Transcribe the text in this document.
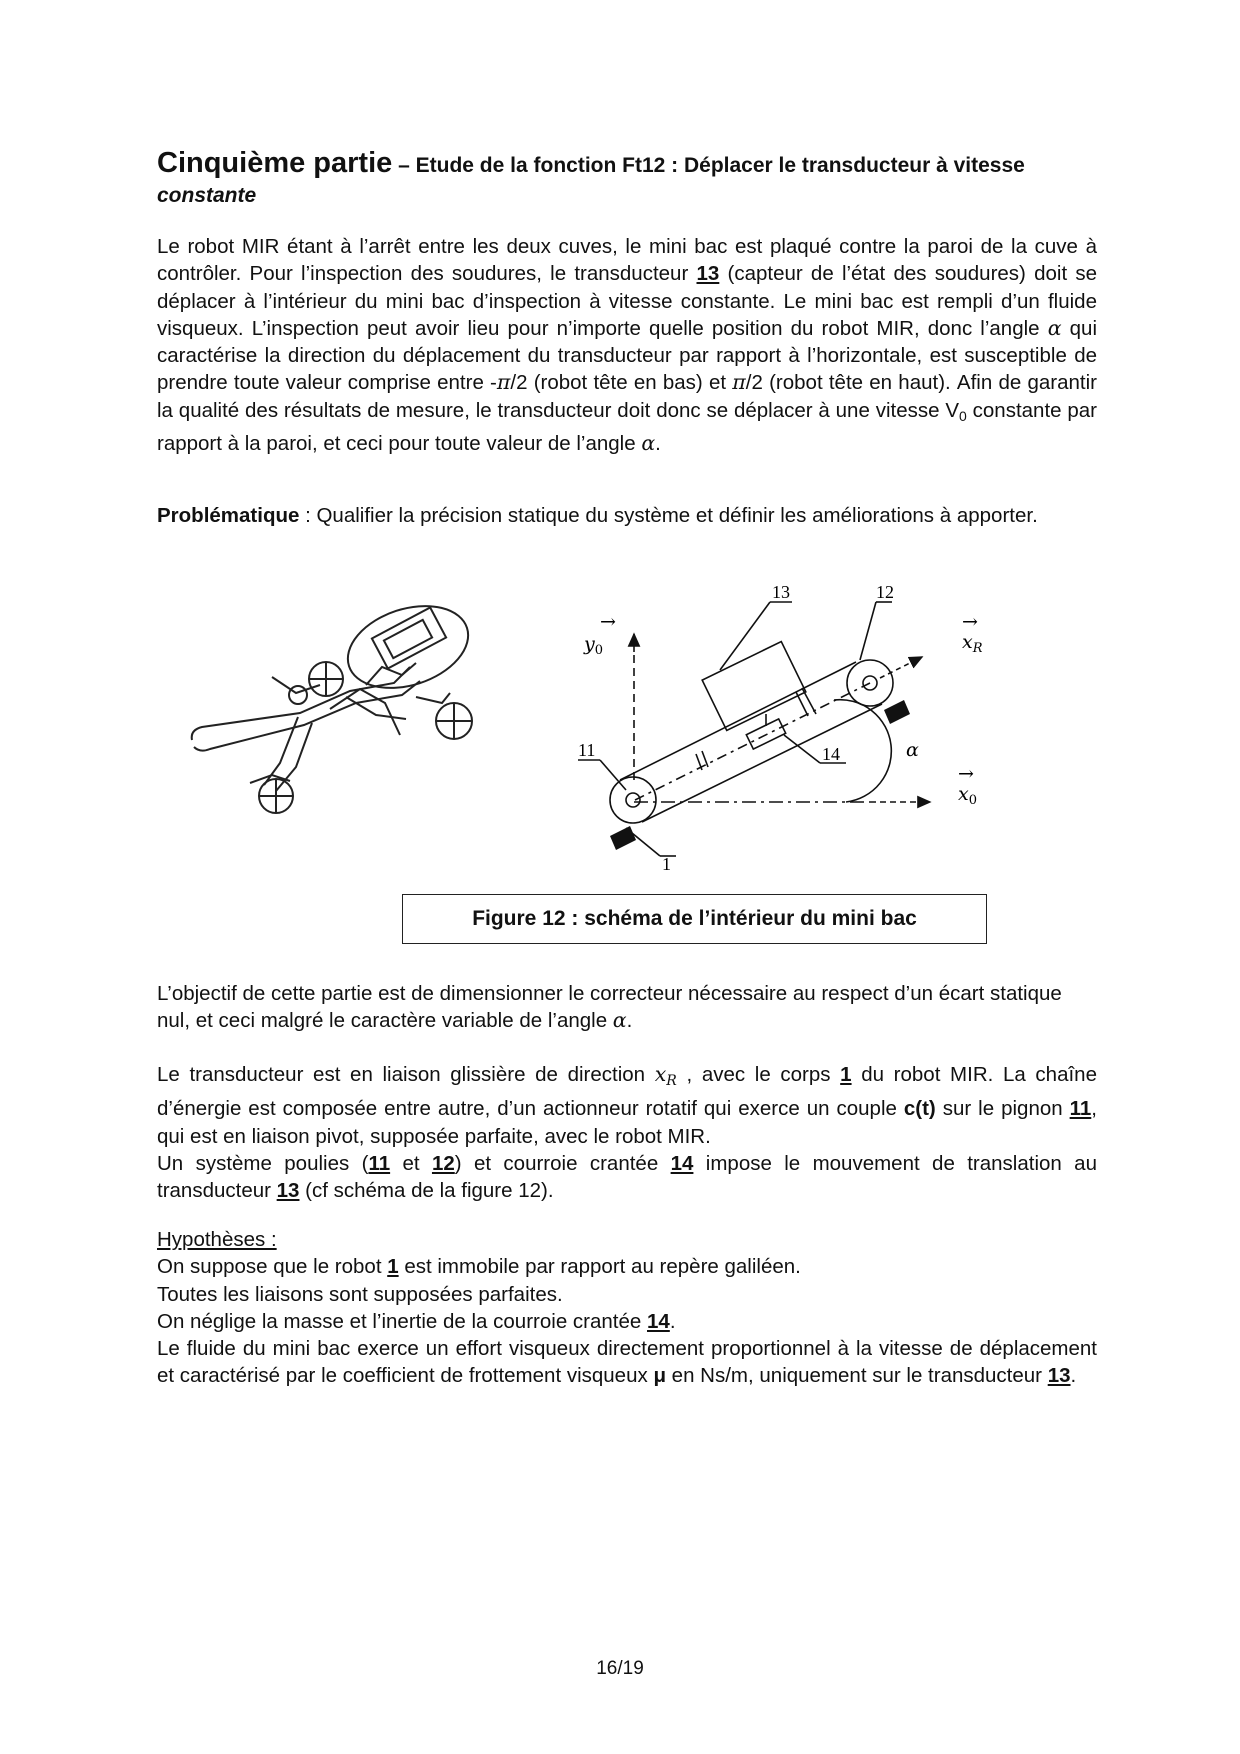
Cinquième partie – Etude de la fonction Ft12 : Déplacer le transducteur à vitesse
constante
Le robot MIR étant à l’arrêt entre les deux cuves, le mini bac est plaqué contre la paroi de la cuve à contrôler. Pour l’inspection des soudures, le transducteur 13 (capteur de l’état des soudures) doit se déplacer à l’intérieur du mini bac d’inspection à vitesse constante. Le mini bac est rempli d’un fluide visqueux. L’inspection peut avoir lieu pour n’importe quelle position du robot MIR, donc l’angle α qui caractérise la direction du déplacement du transducteur par rapport à l’horizontale, est susceptible de prendre toute valeur comprise entre -π/2 (robot tête en bas) et π/2 (robot tête en haut). Afin de garantir la qualité des résultats de mesure, le transducteur doit donc se déplacer à une vitesse $V_0$ constante par rapport à la paroi, et ceci pour toute valeur de l’angle α.
Problématique : Qualifier la précision statique du système et définir les améliorations à apporter.
13	12
11	14
1
$y_0$
→
$x_R$
→
$x_0$
→
α
Figure 12 : schéma de l’intérieur du mini bac
L’objectif de cette partie est de dimensionner le correcteur nécessaire au respect d’un écart statique nul, et ceci malgré le caractère variable de l’angle α.

Le transducteur est en liaison glissière de direction $x_R$ , avec le corps 1 du robot MIR. La chaîne d’énergie est composée entre autre, d’un actionneur rotatif qui exerce un couple c(t) sur le pignon 11, qui est en liaison pivot, supposée parfaite, avec le robot MIR.

Un système poulies (11 et 12) et courroie crantée 14 impose le mouvement de translation au transducteur 13 (cf schéma de la figure 12).

Hypothèses :

On suppose que le robot 1 est immobile par rapport au repère galiléen.

Toutes les liaisons sont supposées parfaites.

On néglige la masse et l’inertie de la courroie crantée 14.

Le fluide du mini bac exerce un effort visqueux directement proportionnel à la vitesse de déplacement et caractérisé par le coefficient de frottement visqueux μ en Ns/m, uniquement sur le transducteur 13.

16/19
